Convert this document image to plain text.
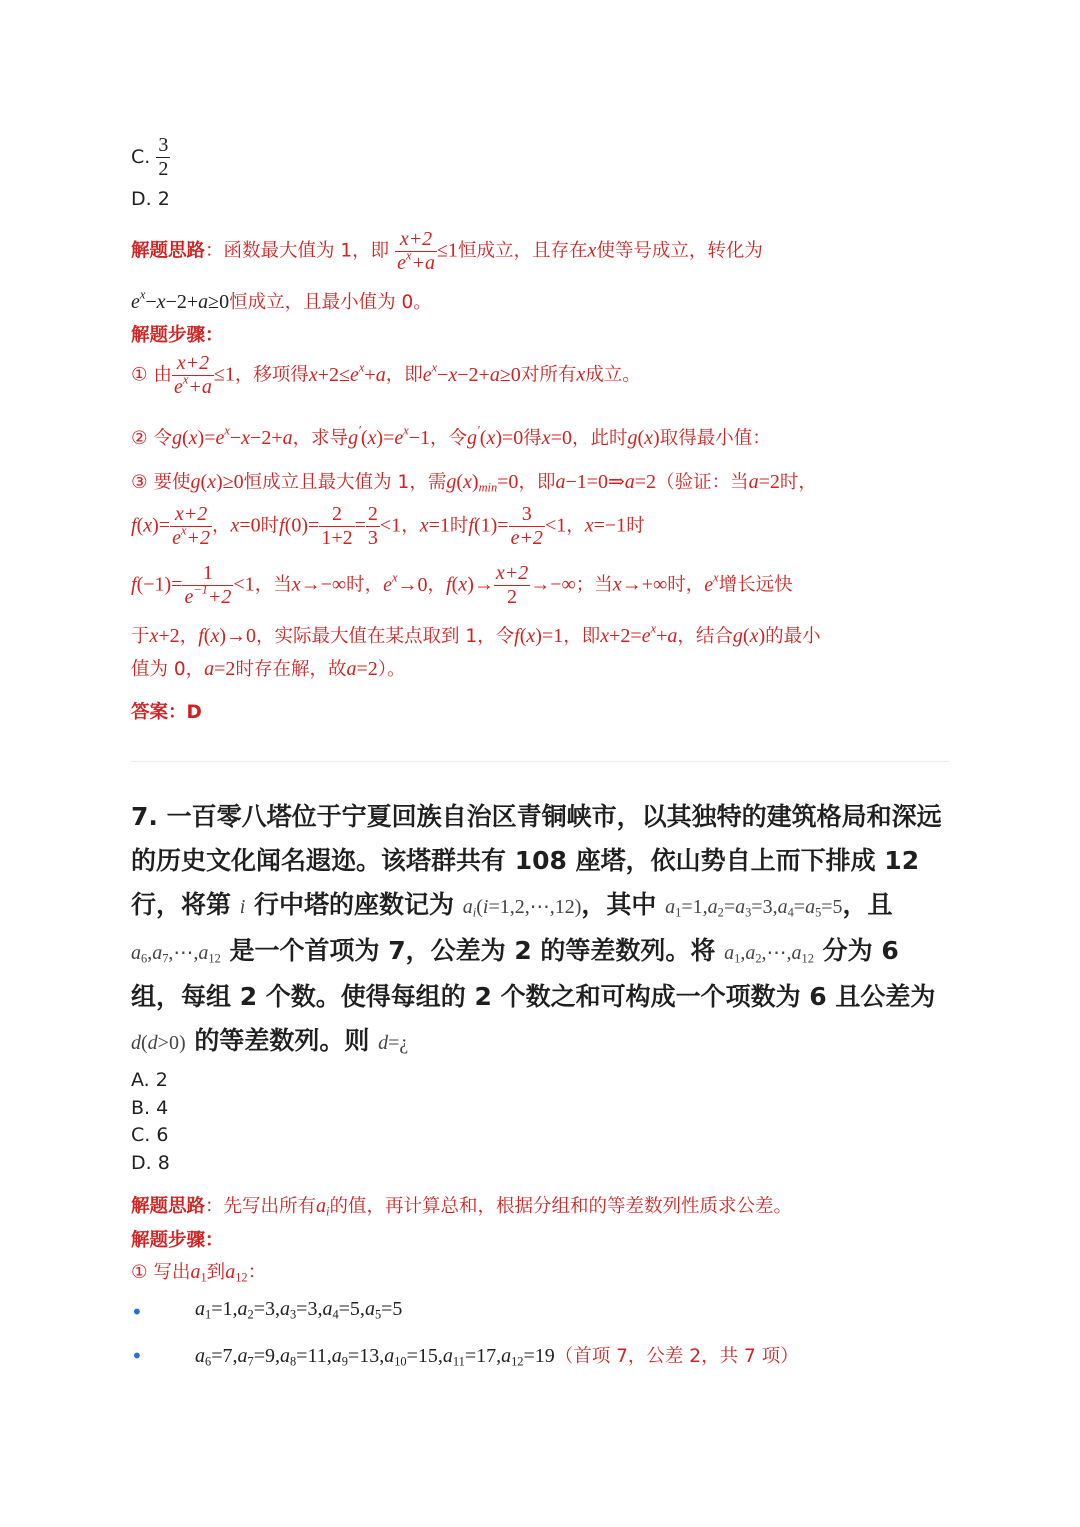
C. $\frac{3}{2}$
D. 2
解题思路：函数最大值为 1，即 $\frac{x+2}{e^x+a} \le 1$恒成立，且存在x使等号成立，转化为
$e^x-x-2+a\ge 0$恒成立，且最小值为 0。
解题步骤：
① 由 $\frac{x+2}{e^x+a} \le 1$，移项得$x+2\le e^x+a$，即$e^x-x-2+a\ge 0$对所有x成立。
② 令$g(x)=e^x-x-2+a$，求导$g'(x)=e^x-1$，令g′(x)=0得x=0，此时g(x)取得最小值：
③ 要使g(x)≥0恒成立且最大值为 1，需$g(x)_{min}=0$，即a−1=0⇒a=2（验证：当a=2时，
$f(x)= \frac{x+2}{e^x+2}$ ，x=0时$f(0)= \frac{2}{1+2} = \frac{2}{3} <1$，x=1时$f(1)= \frac{3}{e+2} <1$，x=−1时
$f(-1)= \frac{1}{e^{-1}+2} <1$，当x→−∞时，$e^x\to 0$，$f(x)\to \frac{x+2}{2}$ →−∞；当x→+∞时，$e^x$增长远快
于x+2，f(x)→0，实际最大值在某点取到 1，令f(x)=1，即$x+2=e^x+a$，结合g(x)的最小
值为 0，a=2时存在解，故a=2）。
答案：D
7. 一百零八塔位于宁夏回族自治区青铜峡市，以其独特的建筑格局和深远的历史文化闻名遐迩。该塔群共有 108 座塔，依山势自上而下排成 12 行，将第 i 行中塔的座数记为 $a_i(i=1,2,\cdots,12)$，其中 $a_1=1,a_2=a_3=3,a_4=a_5=5$，且 $a_6,a_7,\cdots,a_{12}$ 是一个首项为 7，公差为 2 的等差数列。将 $a_1,a_2,\cdots,a_{12}$ 分为 6 组，每组 2 个数。使得每组的 2 个数之和可构成一个项数为 6 且公差为 d(d>0) 的等差数列。则 d=¿
A. 2
B. 4
C. 6
D. 8
解题思路：先写出所有$a_i$的值，再计算总和，根据分组和的等差数列性质求公差。
解题步骤：
① 写出$a_1$到$a_{12}$：
•	$a_1=1,a_2=3,a_3=3,a_4=5,a_5=5$
•	$a_6=7,a_7=9,a_8=11,a_9=13,a_{10}=15,a_{11}=17,a_{12}=19$（首项 7，公差 2，共 7 项）
